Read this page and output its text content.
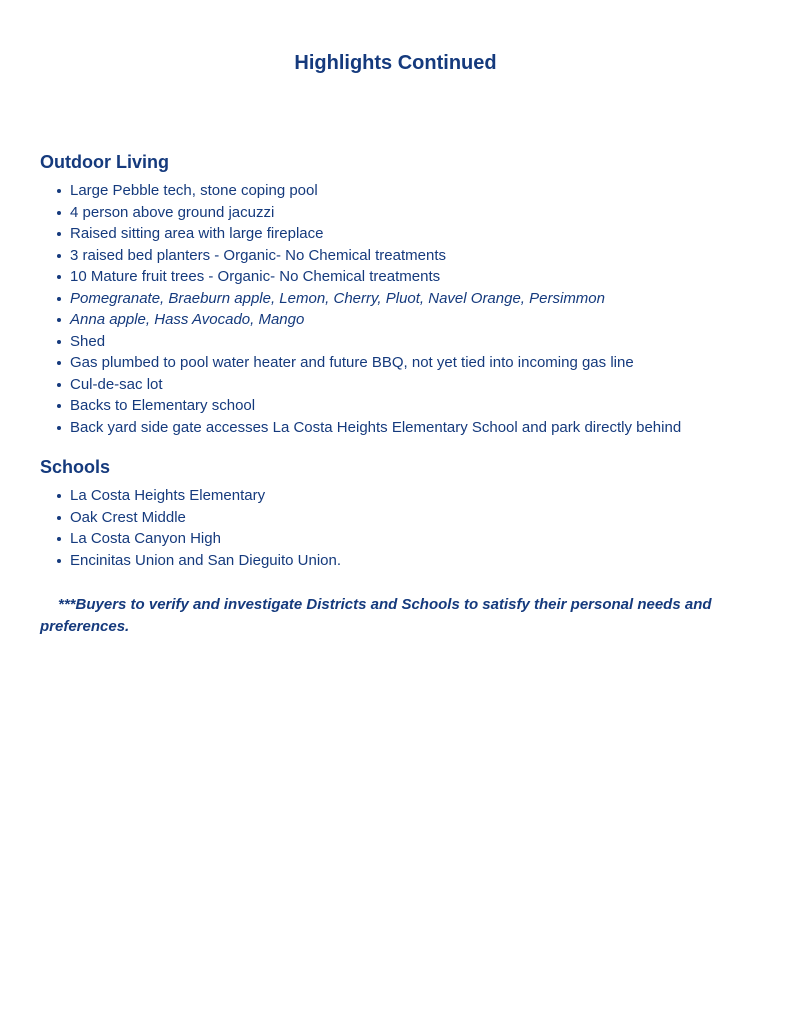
Highlights Continued
Outdoor Living
Large Pebble tech, stone coping pool
4 person above ground jacuzzi
Raised sitting area with large fireplace
3 raised bed planters - Organic- No Chemical treatments
10 Mature fruit trees - Organic- No Chemical treatments
Pomegranate, Braeburn apple, Lemon, Cherry, Pluot, Navel Orange, Persimmon
Anna apple, Hass Avocado, Mango
Shed
Gas plumbed to pool water heater and future BBQ, not yet tied into incoming gas line
Cul-de-sac lot
Backs to Elementary school
Back yard side gate accesses La Costa Heights Elementary School and park directly behind
Schools
La Costa Heights Elementary
Oak Crest Middle
La Costa Canyon High
Encinitas Union and San Dieguito Union.

***Buyers to verify and investigate Districts and Schools to satisfy their personal needs and preferences.
